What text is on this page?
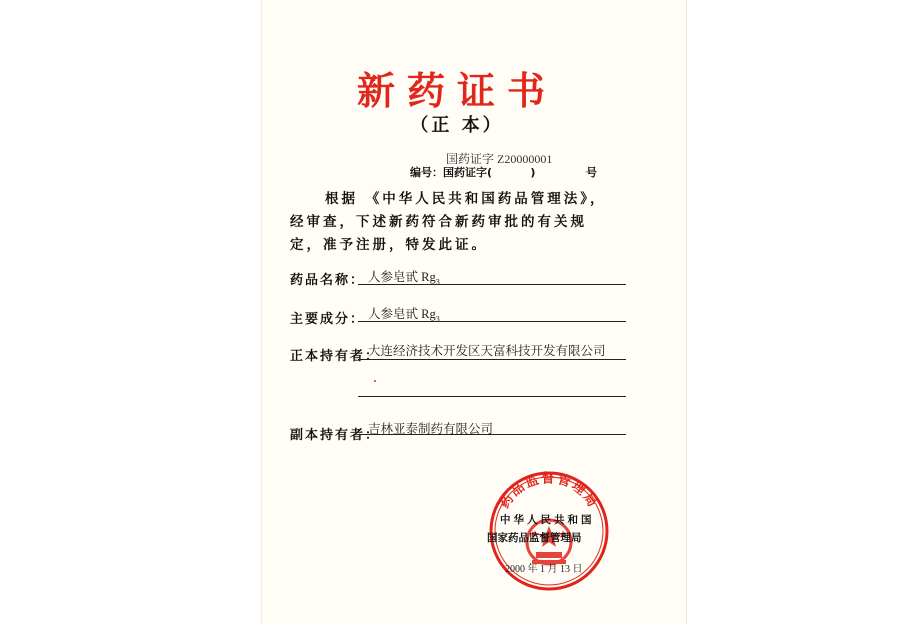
新药证书
（正 本）
国药证字 Z20000001
编号：国药证字(          )	号
根据 《中华人民共和国药品管理法》，
经审查，下述新药符合新药审批的有关规
定，准予注册，特发此证。
药品名称： 人参皂甙 $Rg_3$
主要成分： 人参皂甙 $Rg_3$
正本持有者：
大连经济技术开发区天富科技开发有限公司
副本持有者：
吉林亚泰制药有限公司
药品监督管理局
中华人民共和国
国家药品监督管理局
2000 年 1 月 13 日
